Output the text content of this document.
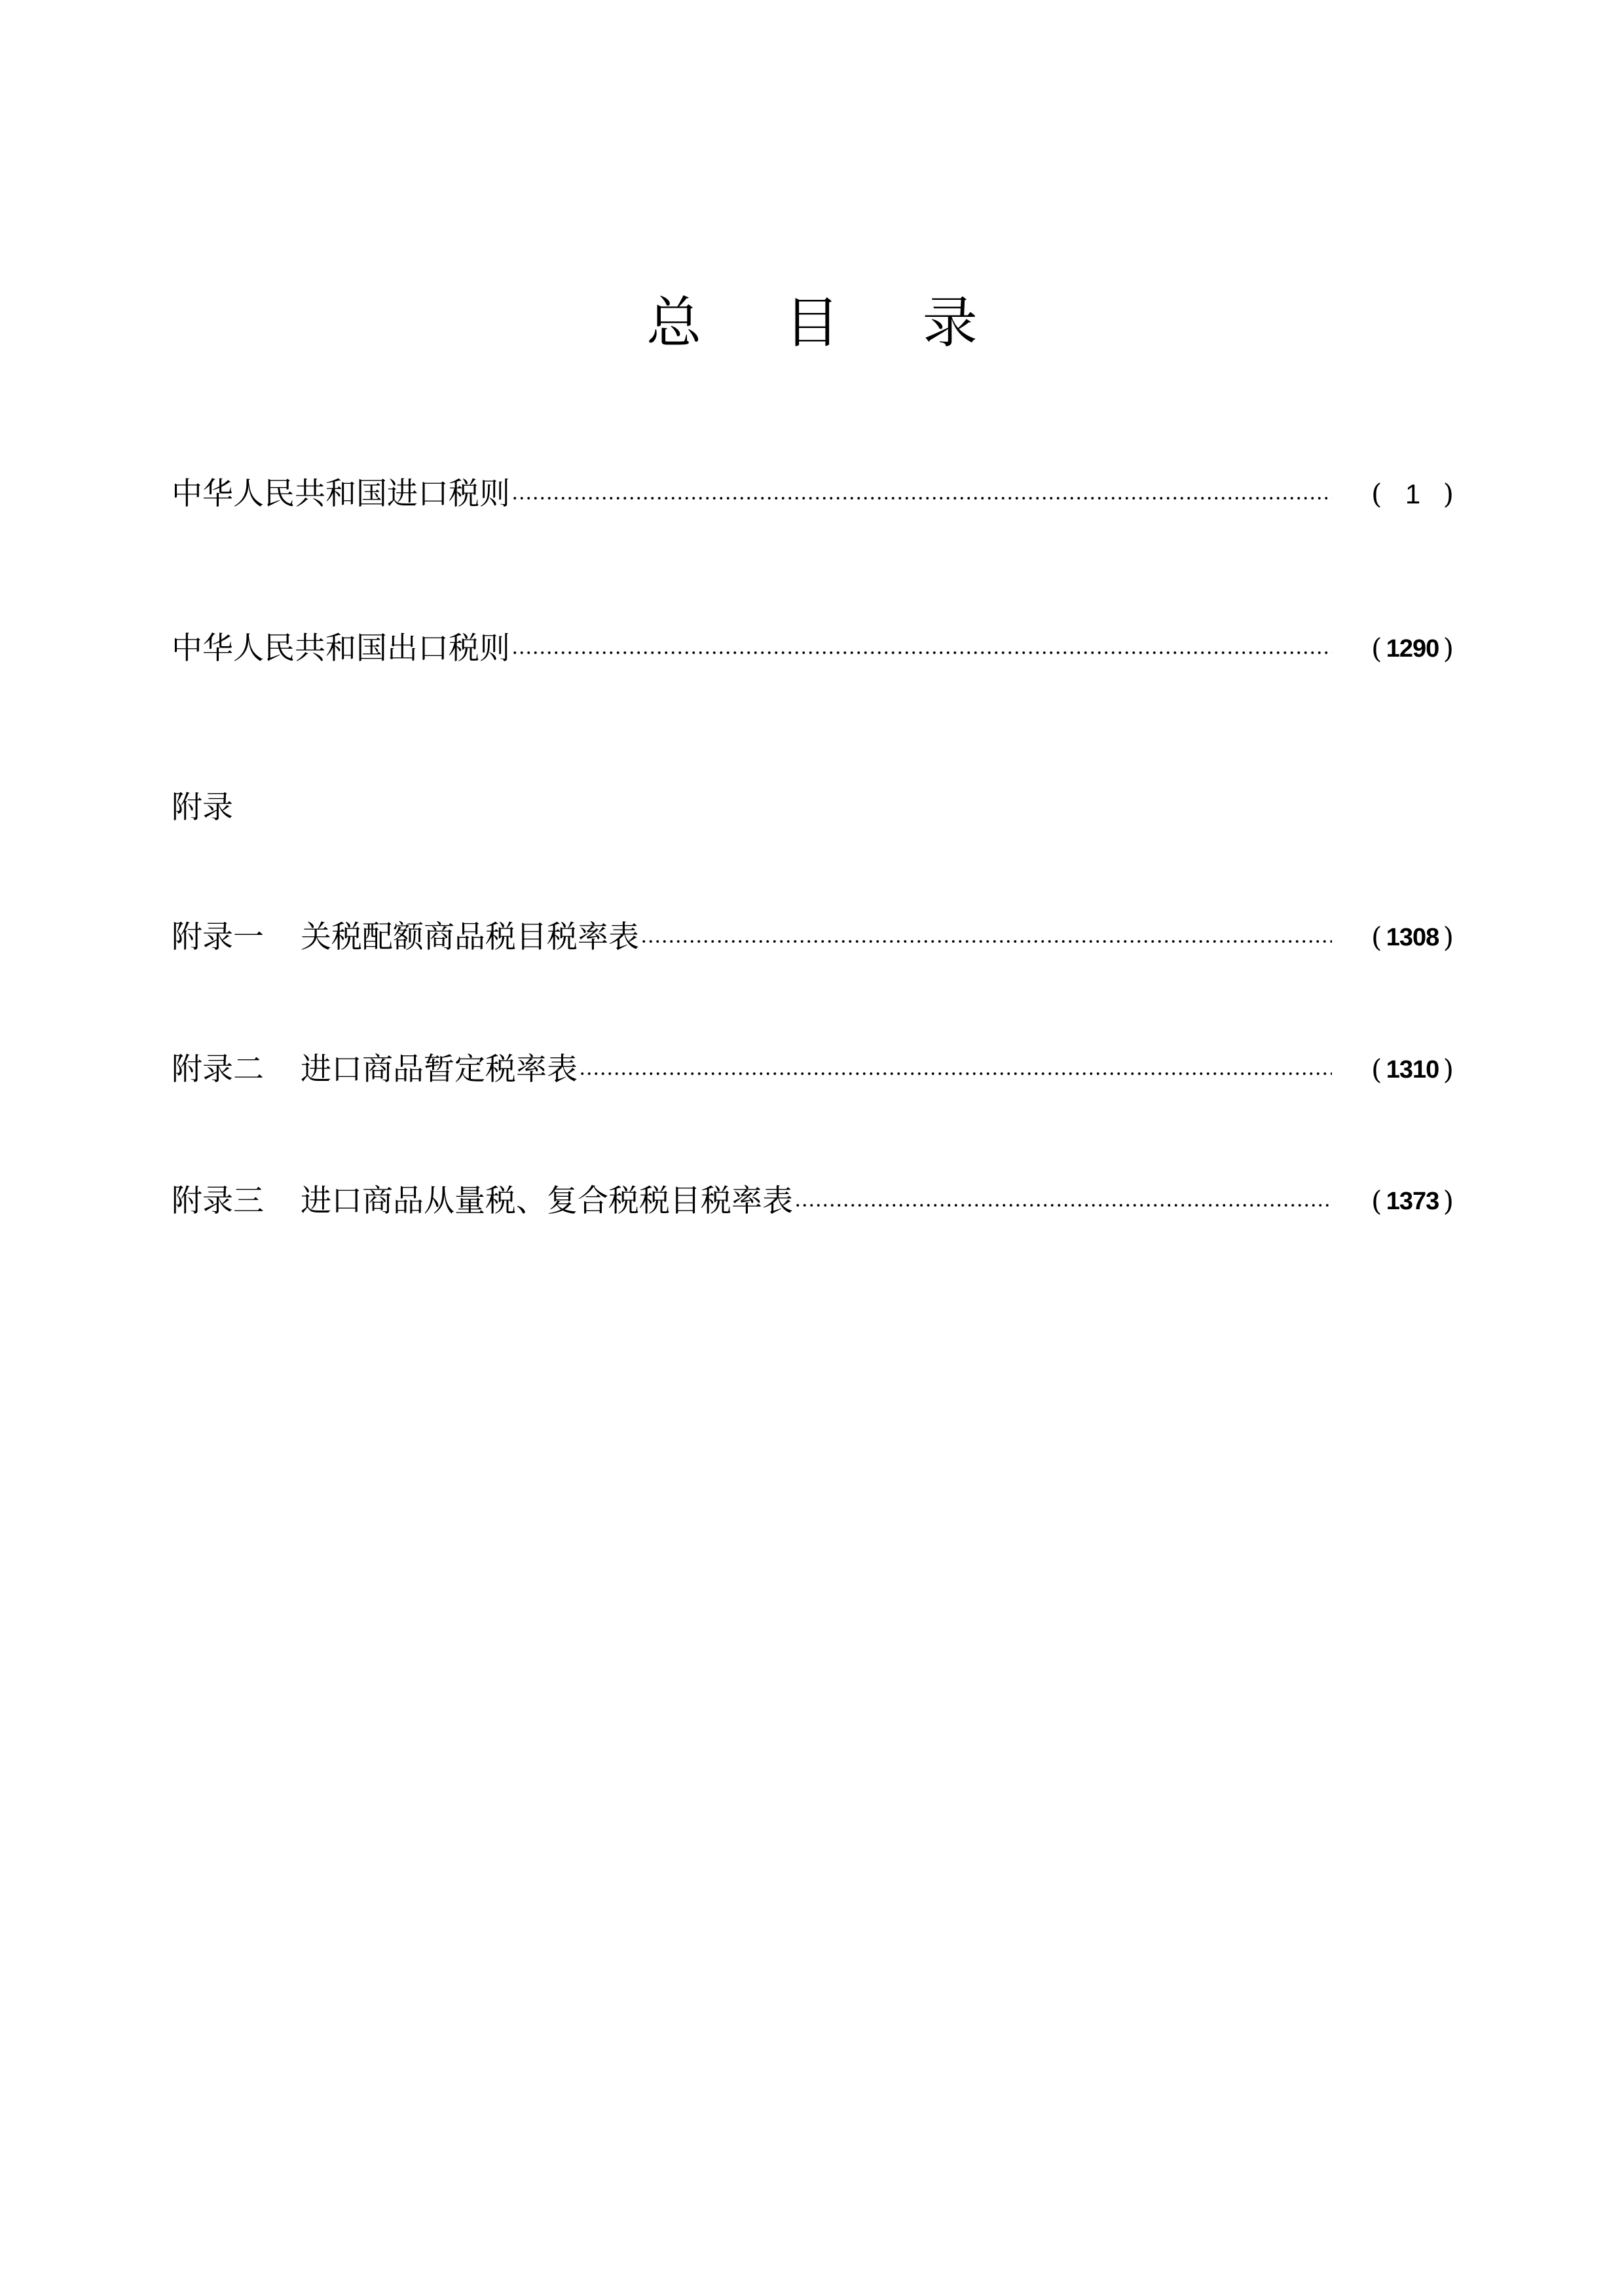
总 目 录
中华人民共和国进口税则	( 1 )
中华人民共和国出口税则	( 1290 )
附录
附录一 关税配额商品税目税率表	( 1308 )
附录二 进口商品暂定税率表	( 1310 )
附录三 进口商品从量税、复合税税目税率表	( 1373 )
